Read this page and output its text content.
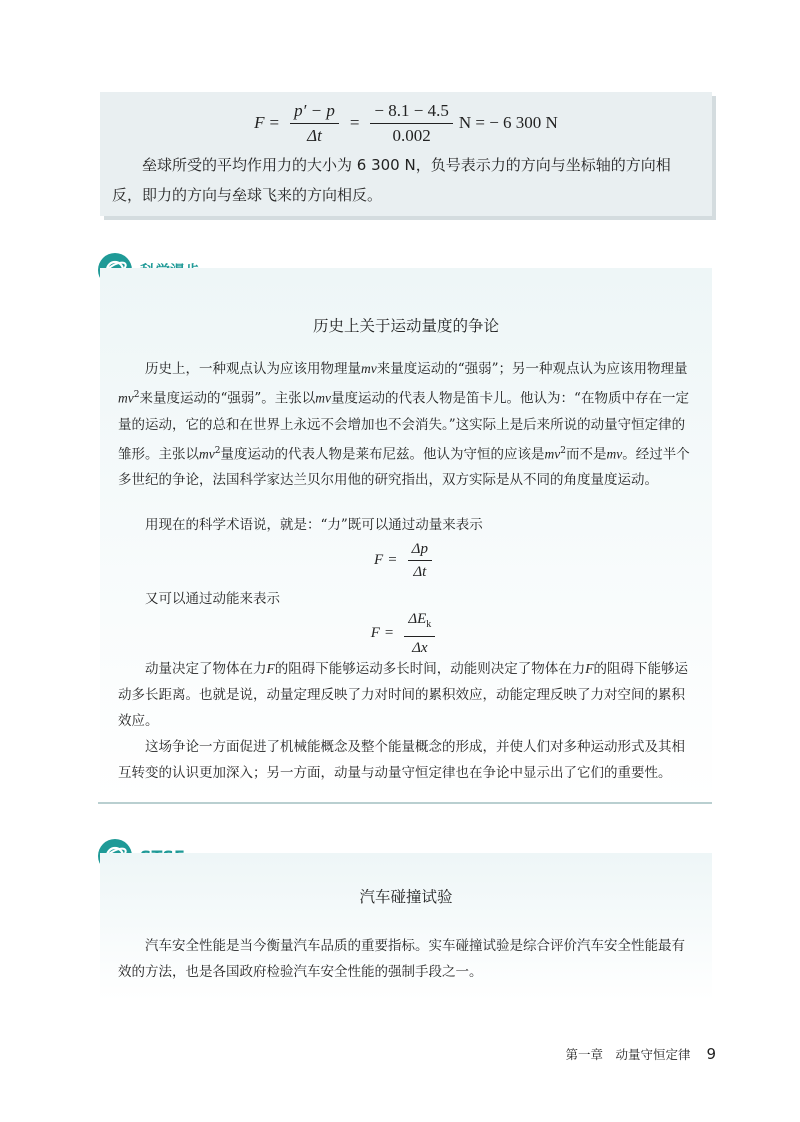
$F = \frac{p' - p}{\Delta t} = \frac{- 8.1 - 4.5}{0.002}$ N = − 6 300 N
垒球所受的平均作用力的大小为 6 300 N，负号表示力的方向与坐标轴的方向相反，即力的方向与垒球飞来的方向相反。
历史上关于运动量度的争论
历史上，一种观点认为应该用物理量mv来量度运动的“强弱”；另一种观点认为应该用物理量$mv^2$来量度运动的“强弱”。主张以mv量度运动的代表人物是笛卡儿。他认为：“在物质中存在一定量的运动，它的总和在世界上永远不会增加也不会消失。”这实际上是后来所说的动量守恒定律的雏形。主张以$mv^2$量度运动的代表人物是莱布尼兹。他认为守恒的应该是$mv^2$而不是mv。经过半个多世纪的争论，法国科学家达兰贝尔用他的研究指出，双方实际是从不同的角度量度运动。
用现在的科学术语说，就是：“力”既可以通过动量来表示
$F = \frac{\Delta p}{\Delta t}$
又可以通过动能来表示
$F = \frac{\Delta E_k}{\Delta x}$
动量决定了物体在力F的阻碍下能够运动多长时间，动能则决定了物体在力F的阻碍下能够运动多长距离。也就是说，动量定理反映了力对时间的累积效应，动能定理反映了力对空间的累积效应。
这场争论一方面促进了机械能概念及整个能量概念的形成，并使人们对多种运动形式及其相互转变的认识更加深入；另一方面，动量与动量守恒定律也在争论中显示出了它们的重要性。
汽车碰撞试验
汽车安全性能是当今衡量汽车品质的重要指标。实车碰撞试验是综合评价汽车安全性能最有效的方法，也是各国政府检验汽车安全性能的强制手段之一。
第一章　动量守恒定律 9
